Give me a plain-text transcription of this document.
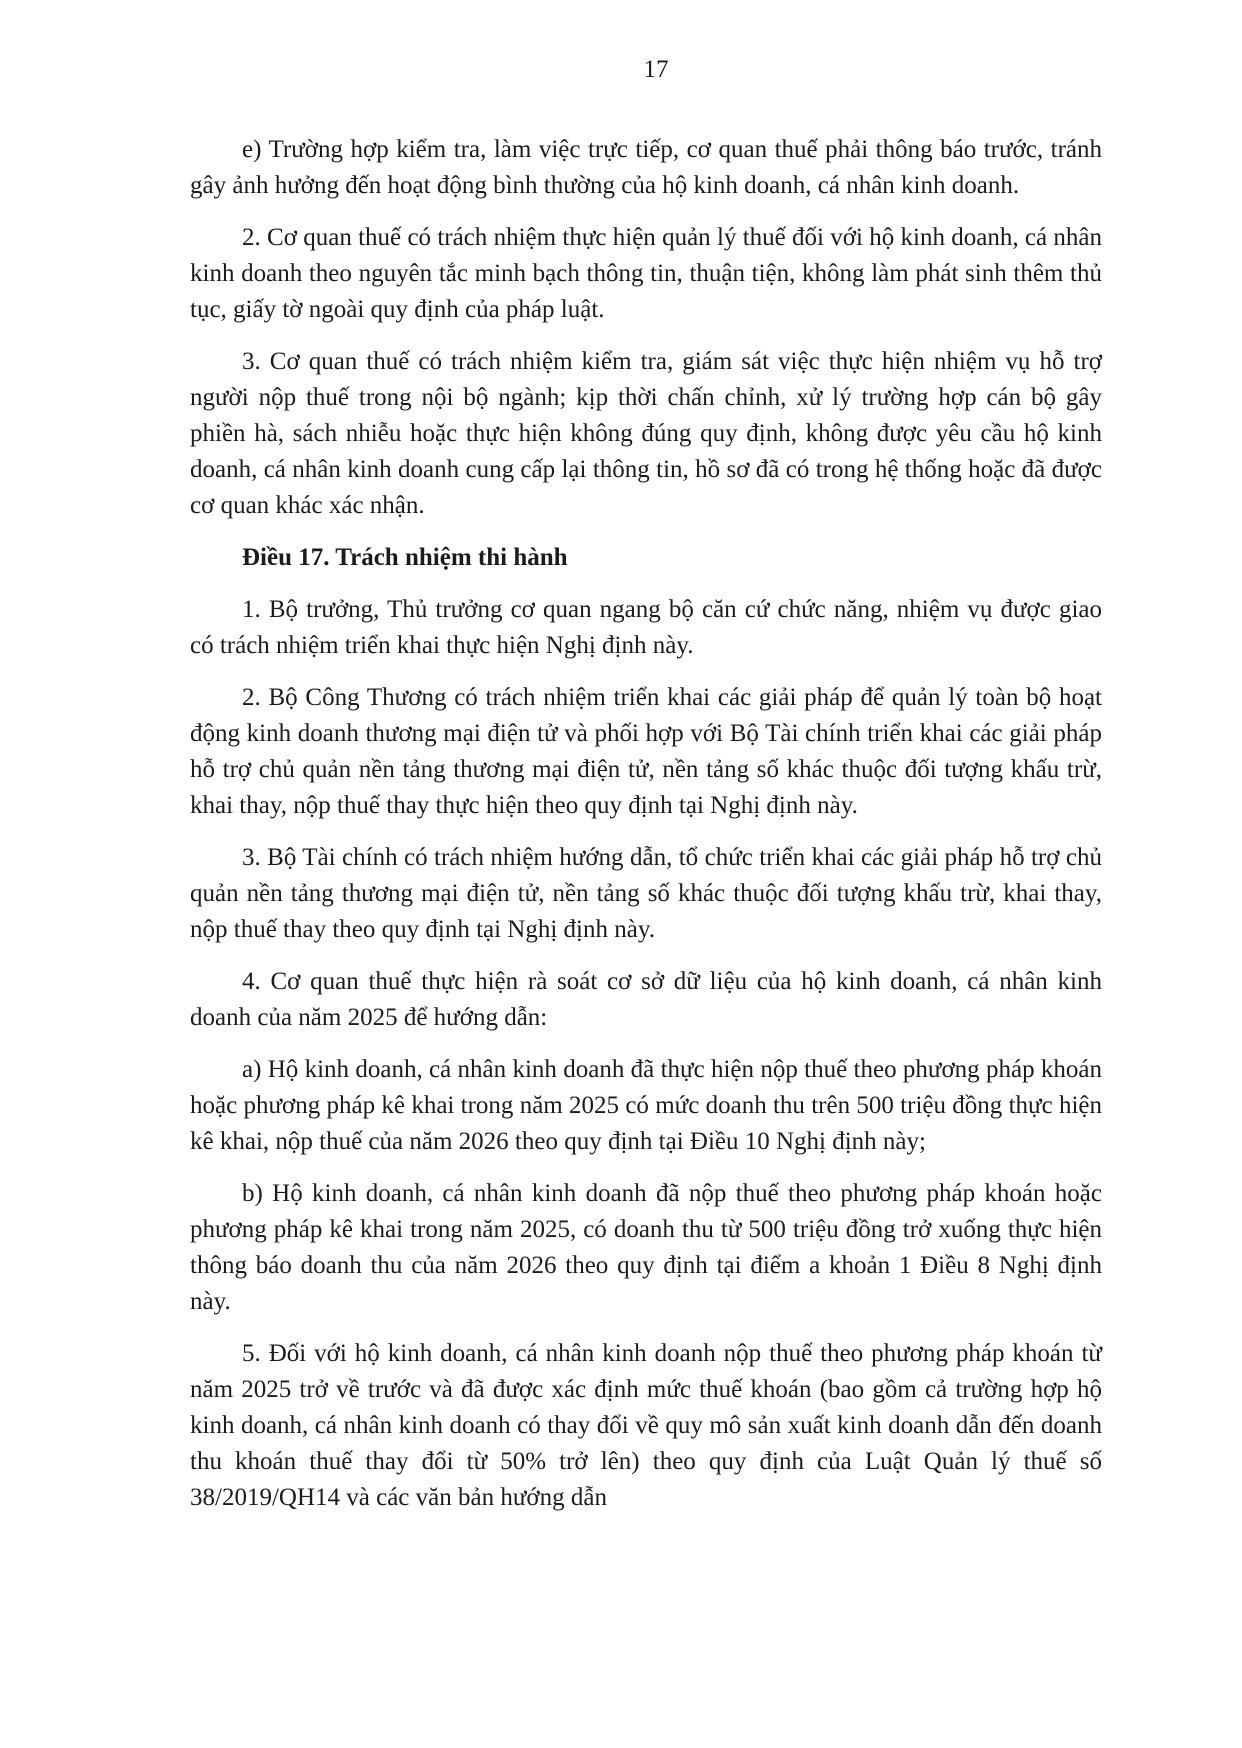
17

e) Trường hợp kiểm tra, làm việc trực tiếp, cơ quan thuế phải thông báo trước, tránh gây ảnh hưởng đến hoạt động bình thường của hộ kinh doanh, cá nhân kinh doanh.

2. Cơ quan thuế có trách nhiệm thực hiện quản lý thuế đối với hộ kinh doanh, cá nhân kinh doanh theo nguyên tắc minh bạch thông tin, thuận tiện, không làm phát sinh thêm thủ tục, giấy tờ ngoài quy định của pháp luật.

3. Cơ quan thuế có trách nhiệm kiểm tra, giám sát việc thực hiện nhiệm vụ hỗ trợ người nộp thuế trong nội bộ ngành; kịp thời chấn chỉnh, xử lý trường hợp cán bộ gây phiền hà, sách nhiễu hoặc thực hiện không đúng quy định, không được yêu cầu hộ kinh doanh, cá nhân kinh doanh cung cấp lại thông tin, hồ sơ đã có trong hệ thống hoặc đã được cơ quan khác xác nhận.

Điều 17. Trách nhiệm thi hành

1. Bộ trưởng, Thủ trưởng cơ quan ngang bộ căn cứ chức năng, nhiệm vụ được giao có trách nhiệm triển khai thực hiện Nghị định này.

2. Bộ Công Thương có trách nhiệm triển khai các giải pháp để quản lý toàn bộ hoạt động kinh doanh thương mại điện tử và phối hợp với Bộ Tài chính triển khai các giải pháp hỗ trợ chủ quản nền tảng thương mại điện tử, nền tảng số khác thuộc đối tượng khấu trừ, khai thay, nộp thuế thay thực hiện theo quy định tại Nghị định này.

3. Bộ Tài chính có trách nhiệm hướng dẫn, tổ chức triển khai các giải pháp hỗ trợ chủ quản nền tảng thương mại điện tử, nền tảng số khác thuộc đối tượng khấu trừ, khai thay, nộp thuế thay theo quy định tại Nghị định này.

4. Cơ quan thuế thực hiện rà soát cơ sở dữ liệu của hộ kinh doanh, cá nhân kinh doanh của năm 2025 để hướng dẫn:

a) Hộ kinh doanh, cá nhân kinh doanh đã thực hiện nộp thuế theo phương pháp khoán hoặc phương pháp kê khai trong năm 2025 có mức doanh thu trên 500 triệu đồng thực hiện kê khai, nộp thuế của năm 2026 theo quy định tại Điều 10 Nghị định này;

b) Hộ kinh doanh, cá nhân kinh doanh đã nộp thuế theo phương pháp khoán hoặc phương pháp kê khai trong năm 2025, có doanh thu từ 500 triệu đồng trở xuống thực hiện thông báo doanh thu của năm 2026 theo quy định tại điểm a khoản 1 Điều 8 Nghị định này.

5. Đối với hộ kinh doanh, cá nhân kinh doanh nộp thuế theo phương pháp khoán từ năm 2025 trở về trước và đã được xác định mức thuế khoán (bao gồm cả trường hợp hộ kinh doanh, cá nhân kinh doanh có thay đổi về quy mô sản xuất kinh doanh dẫn đến doanh thu khoán thuế thay đổi từ 50% trở lên) theo quy định của Luật Quản lý thuế số 38/2019/QH14 và các văn bản hướng dẫn
